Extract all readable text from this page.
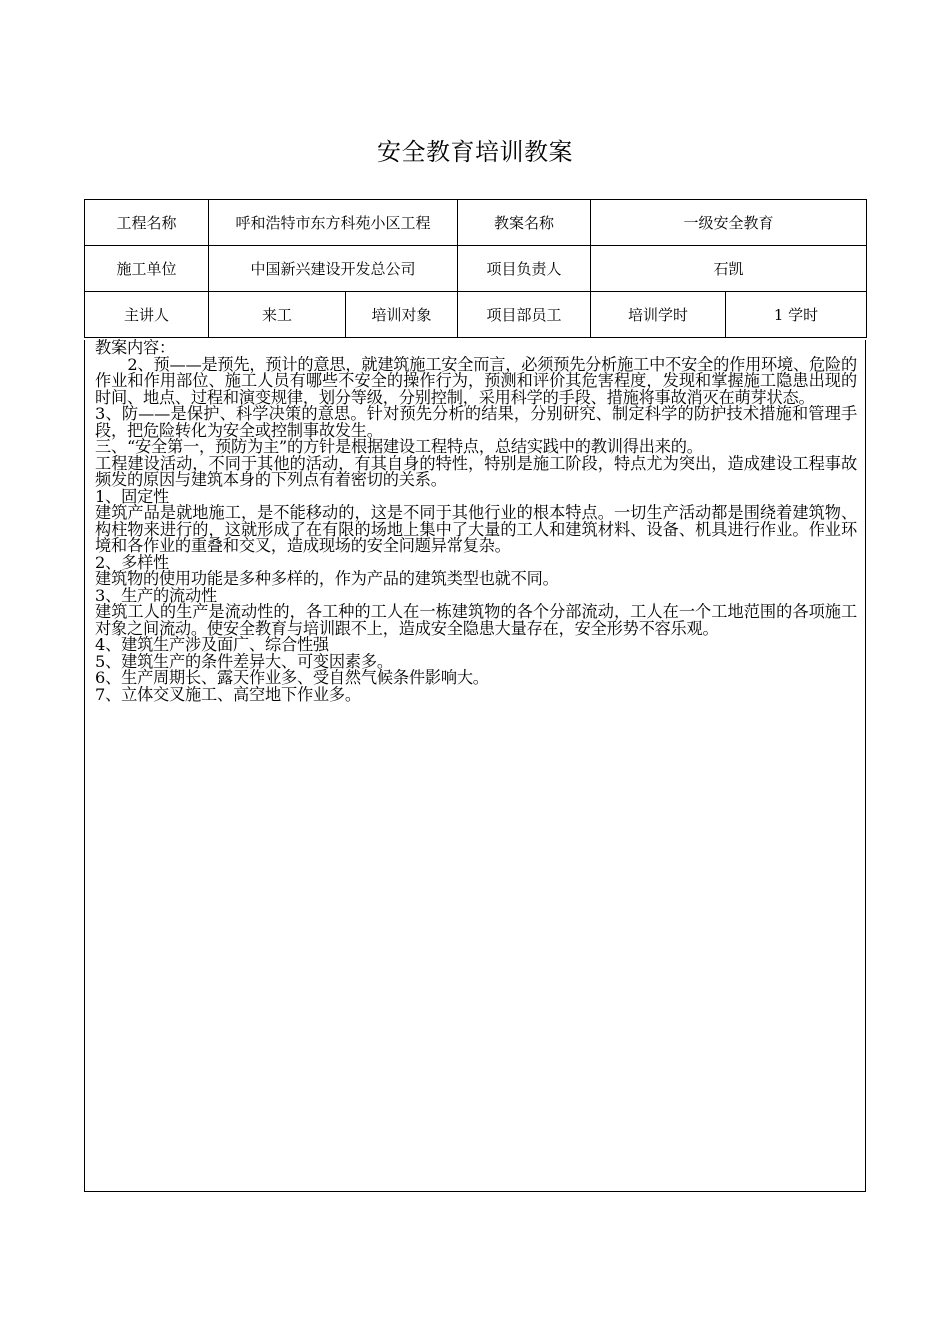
安全教育培训教案
工程名称	呼和浩特市东方科苑小区工程		教案名称	一级安全教育	
施工单位	中国新兴建设开发总公司		项目负责人	石凯	
主讲人	来工	培训对象	项目部员工	培训学时	1 学时

教案内容：

2、预——是预先，预计的意思，就建筑施工安全而言，必须预先分析施工中不安全的作用环境、危险的作业和作用部位、施工人员有哪些不安全的操作行为，预测和评价其危害程度，发现和掌握施工隐患出现的时间、地点、过程和演变规律，划分等级，分别控制，采用科学的手段、措施将事故消灭在萌芽状态。

3、防——是保护、科学决策的意思。针对预先分析的结果，分别研究、制定科学的防护技术措施和管理手段，把危险转化为安全或控制事故发生。

三、“安全第一，预防为主”的方针是根据建设工程特点，总结实践中的教训得出来的。

工程建设活动，不同于其他的活动，有其自身的特性，特别是施工阶段，特点尤为突出，造成建设工程事故频发的原因与建筑本身的下列点有着密切的关系。

1、固定性

建筑产品是就地施工，是不能移动的，这是不同于其他行业的根本特点。一切生产活动都是围绕着建筑物、构柱物来进行的，这就形成了在有限的场地上集中了大量的工人和建筑材料、设备、机具进行作业。作业环境和各作业的重叠和交叉，造成现场的安全问题异常复杂。

2、多样性

建筑物的使用功能是多种多样的，作为产品的建筑类型也就不同。

3、生产的流动性

建筑工人的生产是流动性的，各工种的工人在一栋建筑物的各个分部流动，工人在一个工地范围的各项施工对象之间流动。使安全教育与培训跟不上，造成安全隐患大量存在，安全形势不容乐观。

4、建筑生产涉及面广、综合性强

5、建筑生产的条件差异大、可变因素多。

6、生产周期长、露天作业多、受自然气候条件影响大。

7、立体交叉施工、高空地下作业多。
